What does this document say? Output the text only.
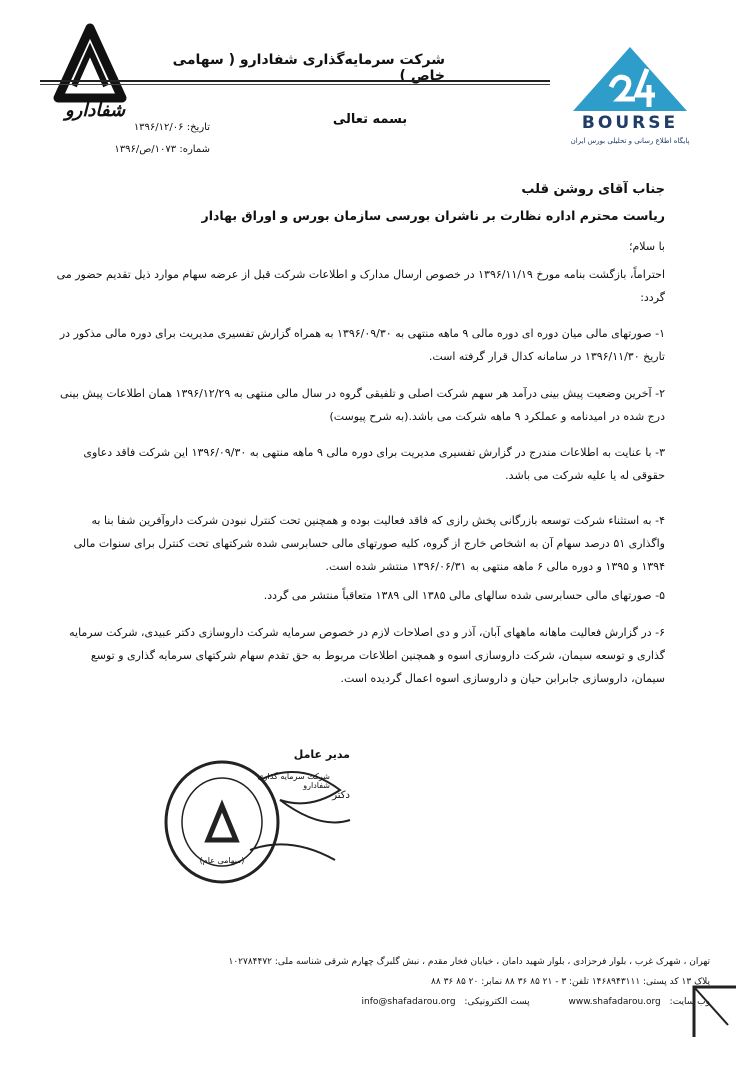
شفادارو
شرکت سرمایه‌گذاری شفادارو ( سهامی خاص )
بسمه تعالی
تاریخ: ۱۳۹۶/۱۲/۰۶
شماره: ۱۰۷۳/ص/۱۳۹۶
BOURSE
پایگاه اطلاع رسانی و تحلیلی بورس ایران
جناب آقای روشن قلب
ریاست محترم اداره نظارت بر ناشران بورسی سازمان بورس و اوراق بهادار
با سلام؛
احتراماً، بازگشت بنامه مورخ ۱۳۹۶/۱۱/۱۹ در خصوص ارسال مدارک و اطلاعات شرکت قبل از عرضه سهام موارد ذیل تقدیم حضور می گردد:
۱- صورتهای مالی میان دوره ای دوره مالی ۹ ماهه منتهی به ۱۳۹۶/۰۹/۳۰ به همراه گزارش تفسیری مدیریت برای دوره مالی مذکور در تاریخ ۱۳۹۶/۱۱/۳۰ در سامانه کدال قرار گرفته است.
۲- آخرین وضعیت پیش بینی درآمد هر سهم شرکت اصلی و تلفیقی گروه در سال مالی منتهی به ۱۳۹۶/۱۲/۲۹ همان اطلاعات پیش بینی درج شده در امیدنامه و عملکرد ۹ ماهه شرکت می باشد.(به شرح پیوست)
۳- با عنایت به اطلاعات مندرج در گزارش تفسیری مدیریت برای دوره مالی ۹ ماهه منتهی به ۱۳۹۶/۰۹/۳۰ این شرکت فاقد دعاوی حقوقی له یا علیه شرکت می باشد.
۴- به استثناء شرکت توسعه بازرگانی پخش رازی که فاقد فعالیت بوده و همچنین تحت کنترل نبودن شرکت داروآفرین شفا بنا به واگذاری ۵۱ درصد سهام آن به اشخاص خارج از گروه، کلیه صورتهای مالی حسابرسی شده شرکتهای تحت کنترل برای سنوات مالی ۱۳۹۴ و ۱۳۹۵ و دوره مالی ۶ ماهه منتهی به ۱۳۹۶/۰۶/۳۱ منتشر شده است.
۵- صورتهای مالی حسابرسی شده سالهای مالی ۱۳۸۵ الی ۱۳۸۹ متعاقباً منتشر می گردد.
۶- در گزارش فعالیت ماهانه ماههای آبان، آذر و دی اصلاحات لازم در خصوص سرمایه شرکت داروسازی دکتر عبیدی، شرکت سرمایه گذاری و توسعه سیمان، شرکت داروسازی اسوه و همچنین اطلاعات مربوط به حق تقدم سهام شرکتهای سرمایه گذاری و توسع سیمان، داروسازی جابرابن حیان و داروسازی اسوه اعمال گردیده است.
مدیر عامل
دکتر
شرکت سرمایه گذاری شفادارو
(سهامی عام)
تهران ، شهرک غرب ، بلوار فرحزادی ، بلوار شهید دامان ، خیابان فخار مقدم ، نبش گلبرگ چهارم شرقی شناسه ملی: ۱۰۲۷۸۴۴۷۲
پلاک ۱۳ کد پستی: ۱۴۶۸۹۴۳۱۱۱ تلفن: ۳ - ۲۱ ۸۵ ۳۶ ۸۸ نمابر: ۲۰ ۸۵ ۳۶ ۸۸
وب سایت: www.shafadarou.org پست الکترونیکی: info@shafadarou.org
